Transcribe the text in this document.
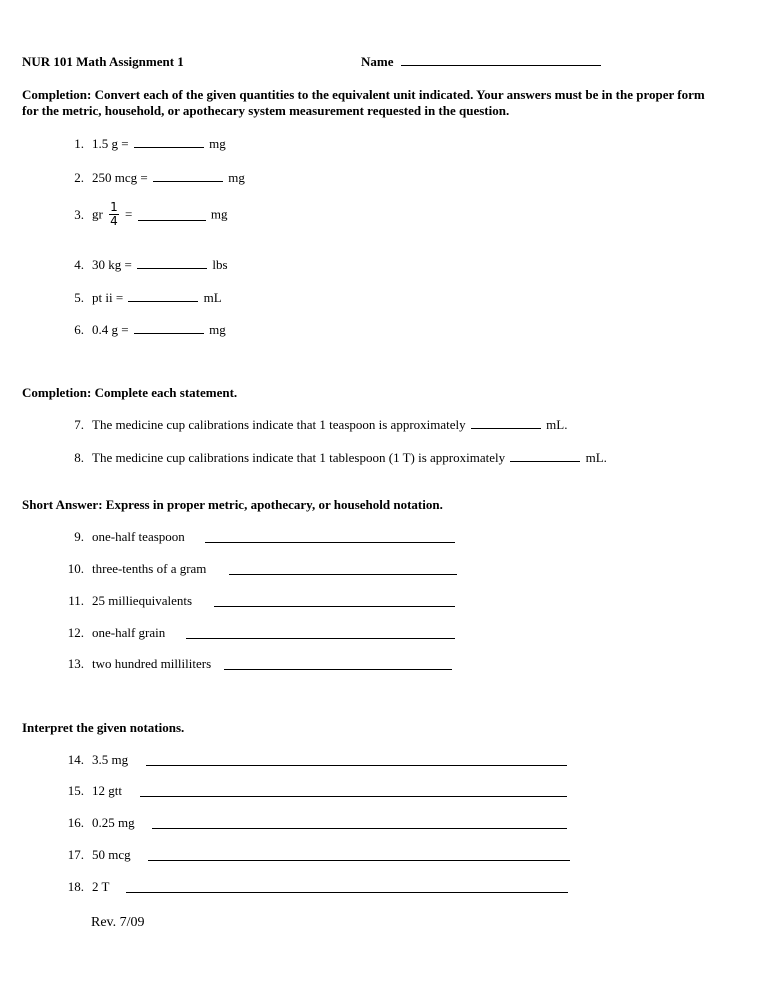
NUR 101 Math Assignment 1	Name
Completion: Convert each of the given quantities to the equivalent unit indicated. Your answers must be in the proper form for the metric, household, or apothecary system measurement requested in the question.
1. 1.5 g =	mg
2. 250 mcg =	mg
3. gr $\frac{1}{4}$ =	mg
4. 30 kg =	lbs
5. pt ii =	mL
6. 0.4 g =	mg
Completion: Complete each statement.
7. The medicine cup calibrations indicate that 1 teaspoon is approximately	mL.
8. The medicine cup calibrations indicate that 1 tablespoon (1 T) is approximately	mL.
Short Answer: Express in proper metric, apothecary, or household notation.
9. one-half teaspoon
10. three-tenths of a gram
11. 25 milliequivalents
12. one-half grain
13. two hundred milliliters
Interpret the given notations.
14. 3.5 mg
15. 12 gtt
16. 0.25 mg
17. 50 mcg
18. 2 T
Rev. 7/09
